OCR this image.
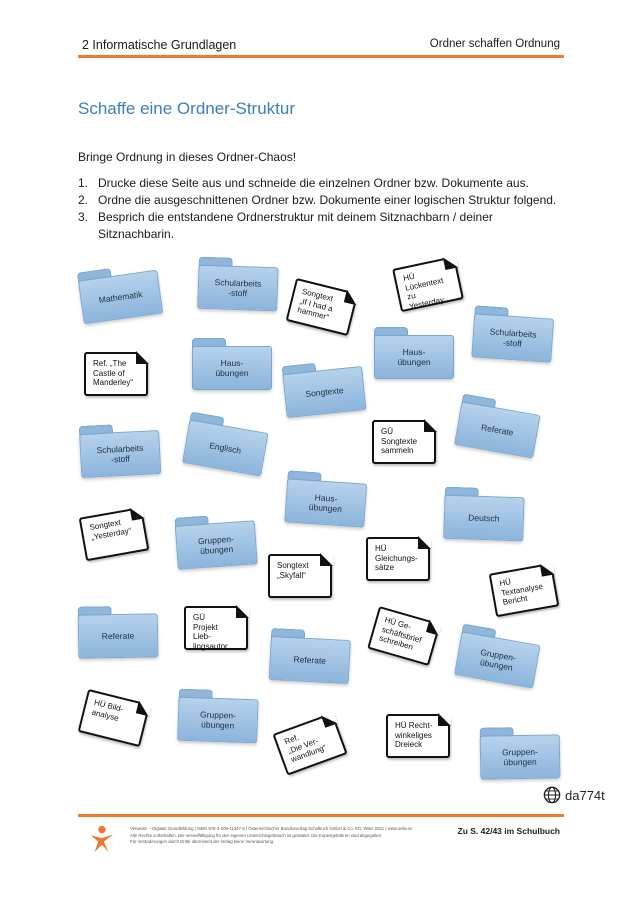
2 Informatische Grundlagen	Ordner schaffen Ordnung
Schaffe eine Ordner-Struktur
Bringe Ordnung in dieses Ordner-Chaos!
1. Drucke diese Seite aus und schneide die einzelnen Ordner bzw. Dokumente aus.
2. Ordne die ausgeschnittenen Ordner bzw. Dokumente einer logischen Struktur folgend.
3. Besprich die entstandene Ordnerstruktur mit deinem Sitznachbarn / deiner Sitznachbarin.
Mathematik
Schularbeits
-stoff
Schularbeits
-stoff
Haus-
übungen
Haus-
übungen
Songtexte
Referate
Schularbeits
-stoff
Englisch
Haus-
übungen
Deutsch
Gruppen-
übungen
Referate
Referate	Gruppen-
übungen
Gruppen-
übungen
Gruppen-
übungen
Songtext
„If I had a
hammer“
HÜ
Lückentext
zu Yesterday
Ref. „The
Castle of
Manderley“
GÜ
Songtexte
sammeln
Songtext
„Yesterday“
Songtext
„Skyfall“
HÜ
Gleichungs-
sätze
HÜ
Textanalyse
Bericht
GÜ
Projekt Lieb-
lingsautor
HÜ Ge-
schäftsbrief
schreiben
HÜ Bild-
analyse
Ref.
„Die Ver-
wandlung“
HÜ Recht-
winkeliges
Dreieck
da774t
Verweis!! – Digitale Grundbildung | ISBN 978-3-209-11347-6 | Österreichischer Bundesverlag Schulbuch GmbH & Co. KG, Wien 2021 | www.oebv.at
Alle Rechte vorbehalten. Die Vervielfältigung für den eigenen Unterrichtsgebrauch ist gestattet. Die Kopiergebühren sind abgegolten.
Für Veränderungen durch Dritte übernimmt der Verlag keine Verantwortung.
Zu S. 42/43 im Schulbuch
